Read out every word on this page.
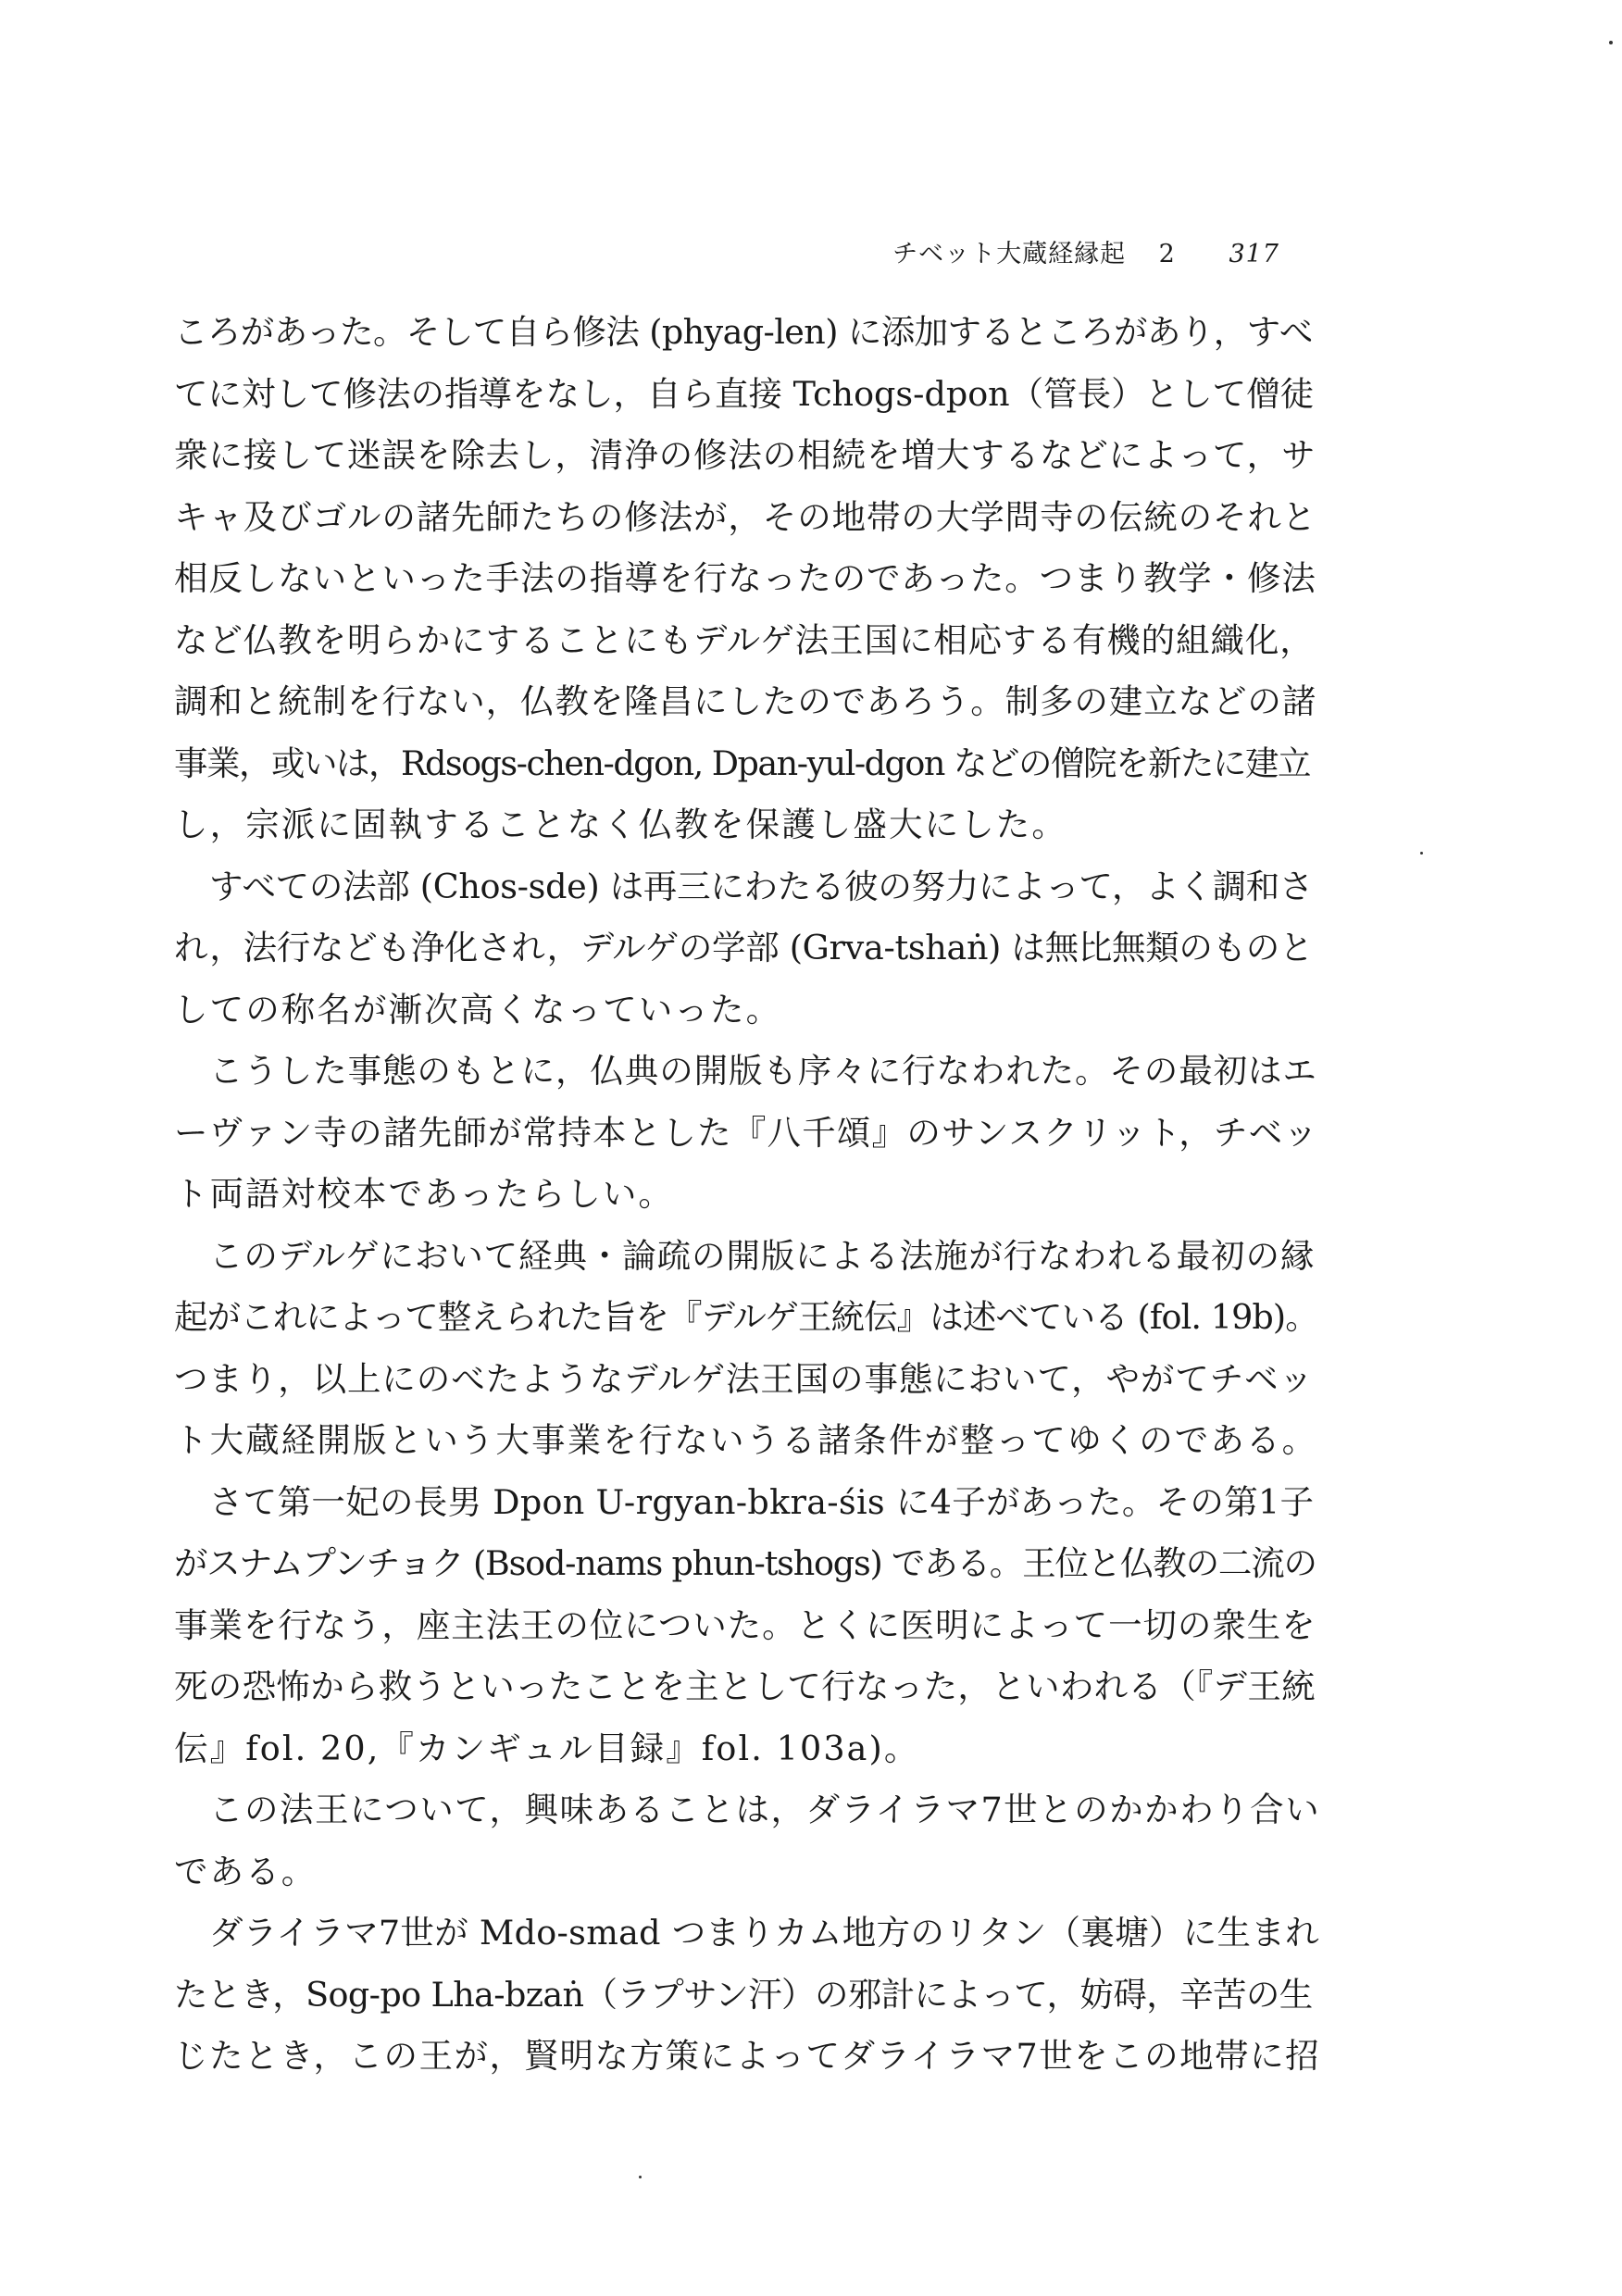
チベット大蔵経縁起 2 317
ころがあった。そして自ら修法 (phyag-len) に添加するところがあり，すべ
てに対して修法の指導をなし，自ら直接 Tchogs-dpon（管長）として僧徒
衆に接して迷誤を除去し，清浄の修法の相続を増大するなどによって，サ
キャ及びゴルの諸先師たちの修法が，その地帯の大学問寺の伝統のそれと
相反しないといった手法の指導を行なったのであった。つまり教学・修法
など仏教を明らかにすることにもデルゲ法王国に相応する有機的組織化，
調和と統制を行ない，仏教を隆昌にしたのであろう。制多の建立などの諸
事業，或いは，Rdsogs-chen-dgon, Dpan-yul-dgon などの僧院を新たに建立
し，宗派に固執することなく仏教を保護し盛大にした。
すべての法部 (Chos-sde) は再三にわたる彼の努力によって，よく調和さ
れ，法行なども浄化され，デルゲの学部 (Grva-tshaṅ) は無比無類のものと
しての称名が漸次高くなっていった。
こうした事態のもとに，仏典の開版も序々に行なわれた。その最初はエ
ーヴァン寺の諸先師が常持本とした『八千頌』のサンスクリット，チベッ
ト両語対校本であったらしい。
このデルゲにおいて経典・論疏の開版による法施が行なわれる最初の縁
起がこれによって整えられた旨を『デルゲ王統伝』は述べている (fol. 19b)。
つまり，以上にのべたようなデルゲ法王国の事態において，やがてチベッ
ト大蔵経開版という大事業を行ないうる諸条件が整ってゆくのである。
さて第一妃の長男 Dpon U-rgyan-bkra-śis に4子があった。その第1子
がスナムプンチョク (Bsod-nams phun-tshogs) である。王位と仏教の二流の
事業を行なう，座主法王の位についた。とくに医明によって一切の衆生を
死の恐怖から救うといったことを主として行なった，といわれる（『デ王統
伝』fol. 20,『カンギュル目録』fol. 103a)。
この法王について，興味あることは，ダライラマ7世とのかかわり合い
である。
ダライラマ7世が Mdo-smad つまりカム地方のリタン（裏塘）に生まれ
たとき，Sog-po Lha-bzaṅ（ラプサン汗）の邪計によって，妨碍，辛苦の生
じたとき，この王が，賢明な方策によってダライラマ7世をこの地帯に招
